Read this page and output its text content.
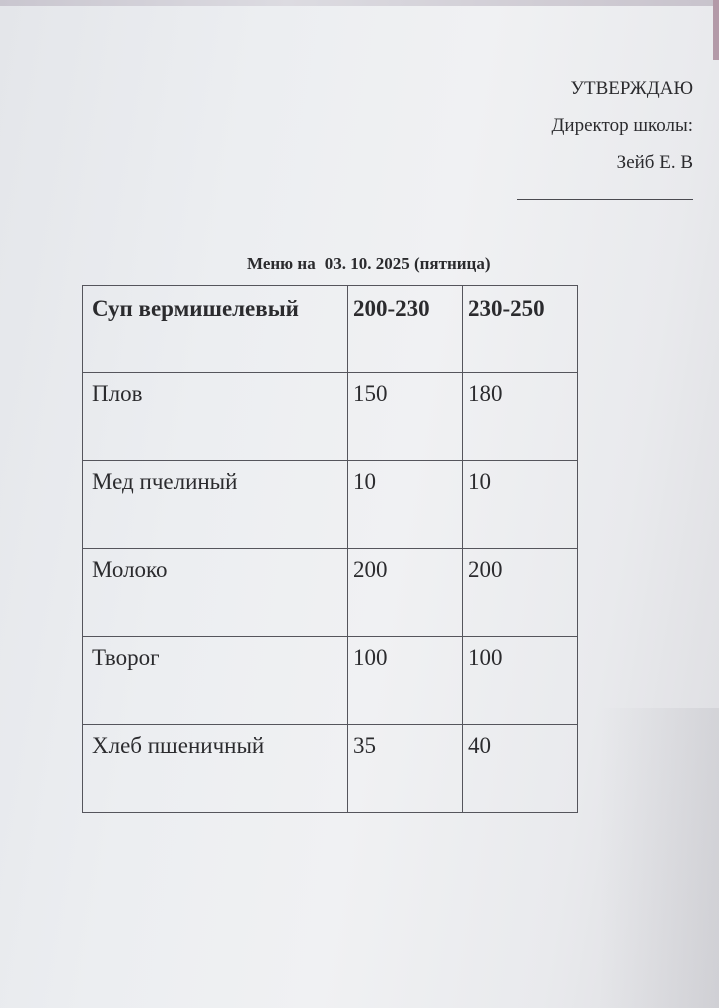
УТВЕРЖДАЮ
Директор школы:
Зейб Е. В
Меню на 03. 10. 2025 (пятница)
Суп вермишелевый	200-230	230-250
Плов	150	180
Мед пчелиный	10	10
Молоко	200	200
Творог	100	100
Хлеб пшеничный	35	40
